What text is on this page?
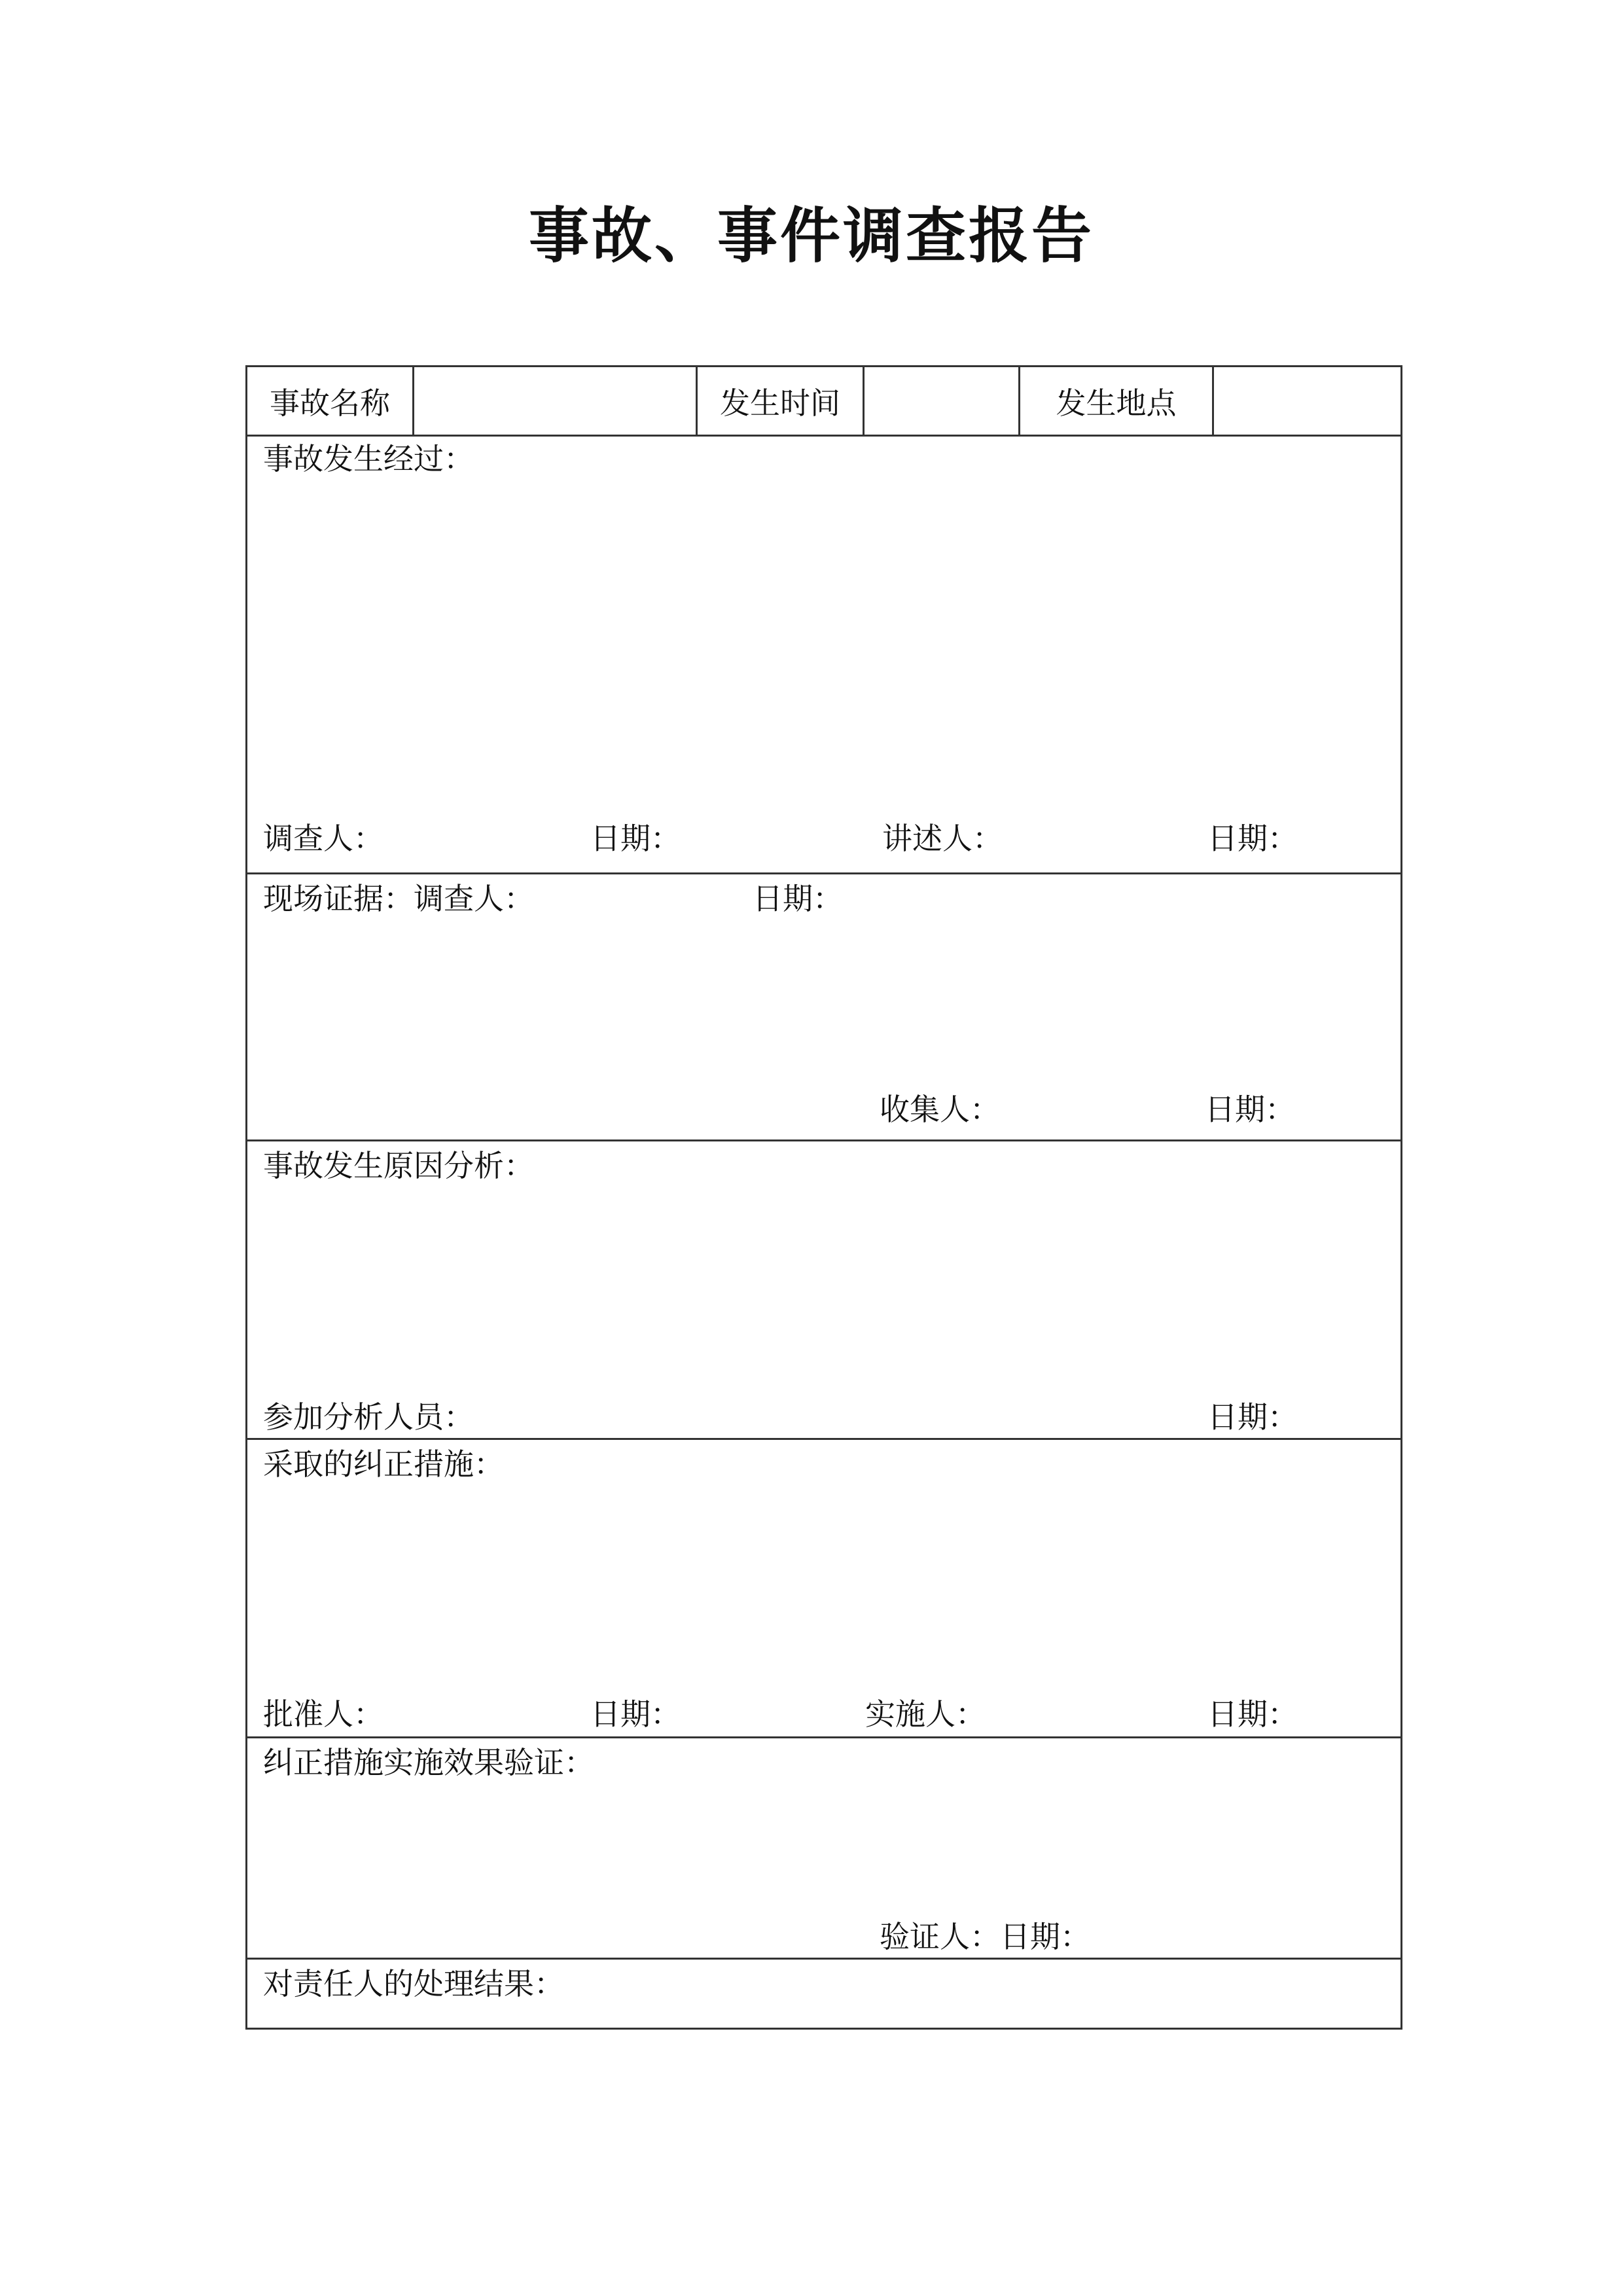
事故、事件调查报告
事故名称	发生时间	发生地点
事故发生经过：
调查人：	日期：	讲述人：	日期：
现场证据：调查人：	日期：
收集人：	日期：
事故发生原因分析：
参加分析人员：	日期：
采取的纠正措施：
批准人：	日期：	实施人：	日期：
纠正措施实施效果验证：
验证人：日期：
对责任人的处理结果：
